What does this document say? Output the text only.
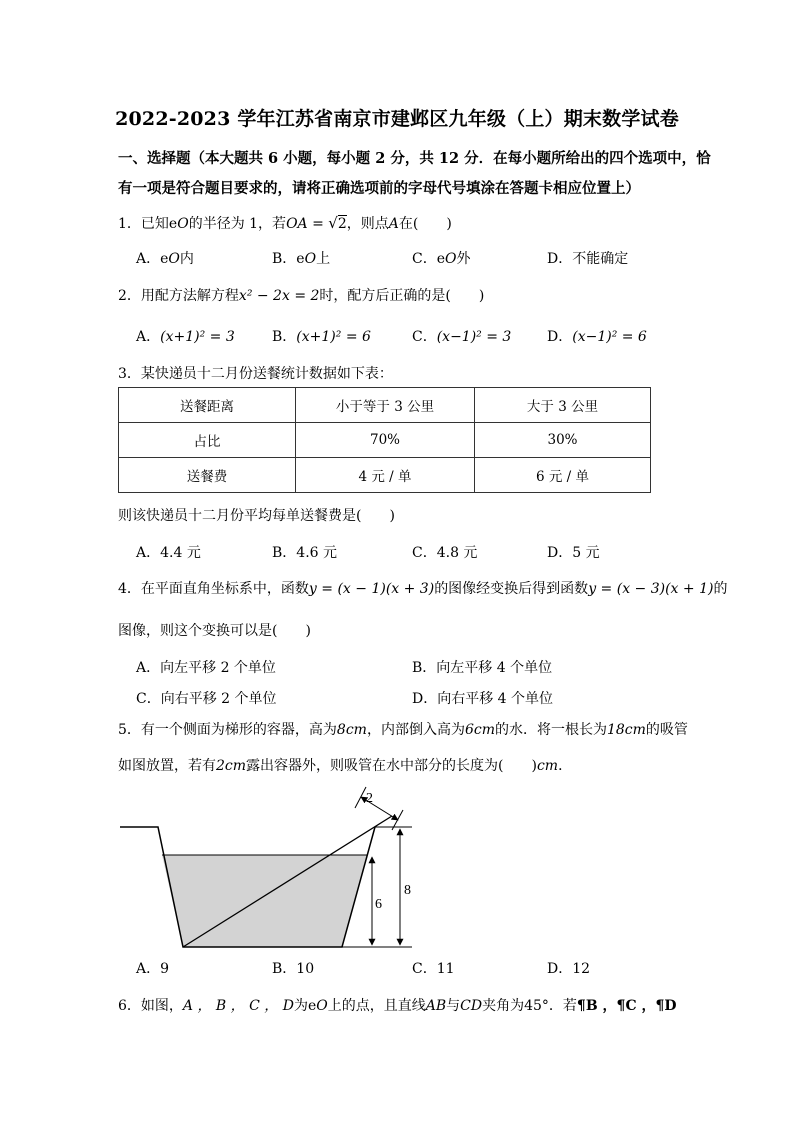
2022-2023 学年江苏省南京市建邺区九年级（上）期末数学试卷
一、选择题（本大题共 6 小题，每小题 2 分，共 12 分．在每小题所给出的四个选项中，恰
有一项是符合题目要求的，请将正确选项前的字母代号填涂在答题卡相应位置上）
1．已知eO的半径为 1，若OA = √2，则点A在(　　)
A．eO内	B．eO上	C．eO外	D．不能确定
2．用配方法解方程x² − 2x = 2时，配方后正确的是(　　)
A．(x+1)² = 3	B．(x+1)² = 6	C．(x−1)² = 3	D．(x−1)² = 6
3．某快递员十二月份送餐统计数据如下表：
送餐距离	小于等于 3 公里	大于 3 公里
占比	70%	30%
送餐费	4 元 / 单	6 元 / 单
则该快递员十二月份平均每单送餐费是(　　)
A．4.4 元	B．4.6 元	C．4.8 元	D．5 元
4．在平面直角坐标系中，函数y = (x − 1)(x + 3)的图像经变换后得到函数y = (x − 3)(x + 1)的
图像，则这个变换可以是(　　)
A．向左平移 2 个单位	B．向左平移 4 个单位
C．向右平移 2 个单位	D．向右平移 4 个单位
5．有一个侧面为梯形的容器，高为8cm，内部倒入高为6cm的水．将一根长为18cm的吸管
如图放置，若有2cm露出容器外，则吸管在水中部分的长度为(　　)cm．
2
6
8
A．9	B．10	C．11	D．12
6．如图，A ， B ， C ， D为eO上的点，且直线AB与CD夹角为45°．若¶B ，¶C ，¶D
